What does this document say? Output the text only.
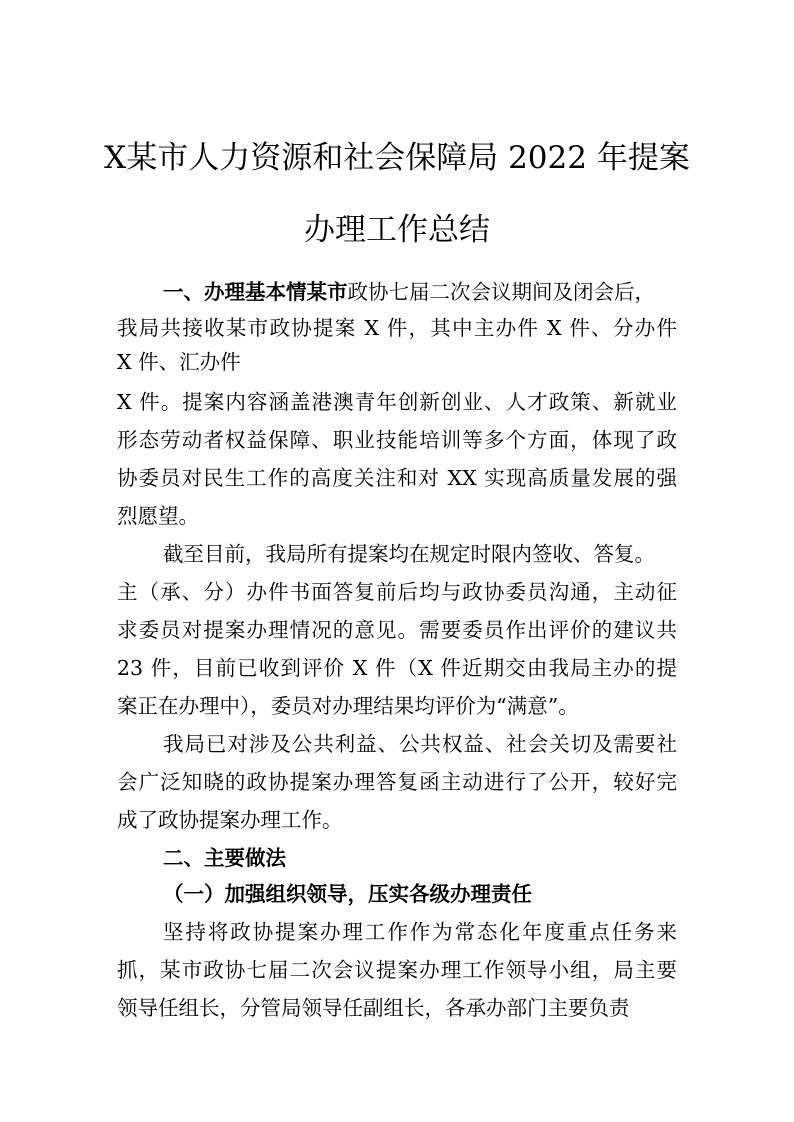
X某市人力资源和社会保障局 2022 年提案
办理工作总结
一、办理基本情某市政协七届二次会议期间及闭会后，
我局共接收某市政协提案 X 件，其中主办件 X 件、分办件
X 件、汇办件
X 件。提案内容涵盖港澳青年创新创业、人才政策、新就业
形态劳动者权益保障、职业技能培训等多个方面，体现了政
协委员对民生工作的高度关注和对 XX 实现高质量发展的强
烈愿望。
截至目前，我局所有提案均在规定时限内签收、答复。
主（承、分）办件书面答复前后均与政协委员沟通，主动征
求委员对提案办理情况的意见。需要委员作出评价的建议共
23 件，目前已收到评价 X 件（X 件近期交由我局主办的提
案正在办理中），委员对办理结果均评价为“满意”。
我局已对涉及公共利益、公共权益、社会关切及需要社
会广泛知晓的政协提案办理答复函主动进行了公开，较好完
成了政协提案办理工作。
二、主要做法
（一）加强组织领导，压实各级办理责任
坚持将政协提案办理工作作为常态化年度重点任务来
抓，某市政协七届二次会议提案办理工作领导小组，局主要
领导任组长，分管局领导任副组长，各承办部门主要负责
